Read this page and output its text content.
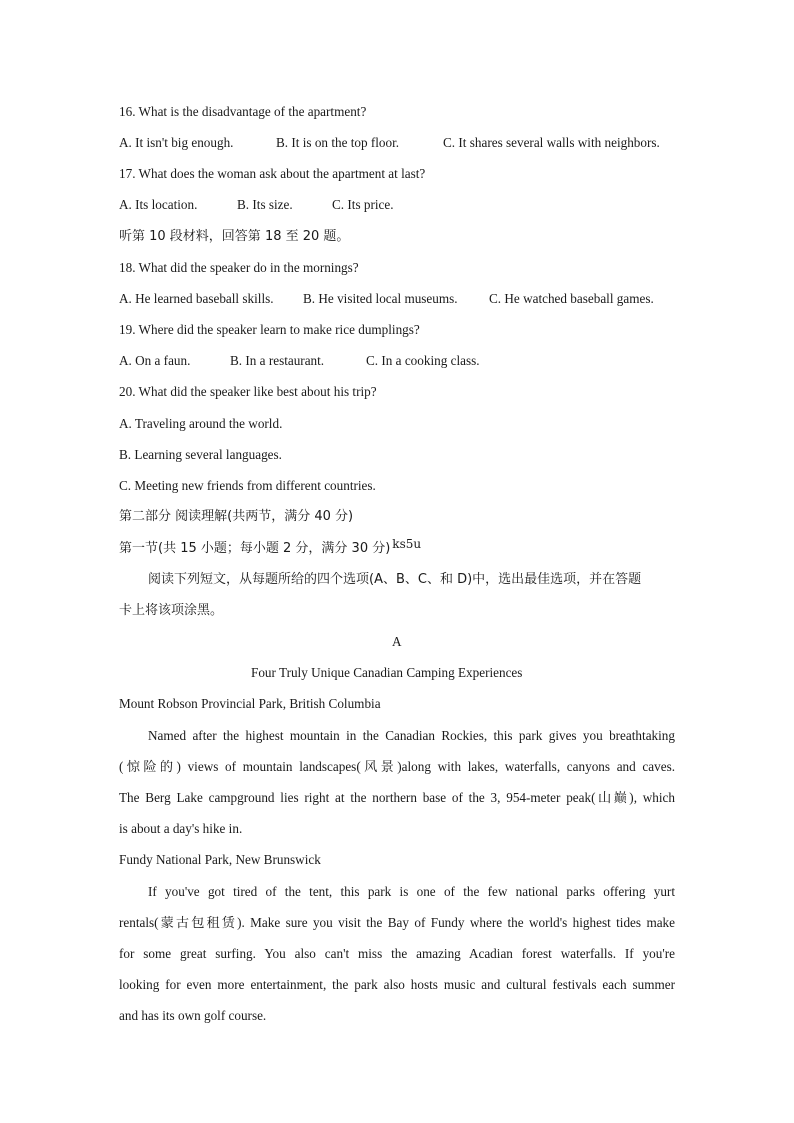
16. What is the disadvantage of the apartment?
A. It isn't big enough.	B. It is on the top floor.	C. It shares several walls with neighbors.
17. What does the woman ask about the apartment at last?
A. Its location.	B. Its size.	C. Its price.
听第 10 段材料，回答第 18 至 20 题。
18. What did the speaker do in the mornings?
A. He learned baseball skills. B. He visited local museums. C. He watched baseball games.
19. Where did the speaker learn to make rice dumplings?
A. On a faun.	B. In a restaurant.	C. In a cooking class.
20. What did the speaker like best about his trip?
A. Traveling around the world.
B. Learning several languages.
C. Meeting new friends from different countries.
第二部分 阅读理解(共两节，满分 40 分)
第一节(共 15 小题；每小题 2 分，满分 30 分) ks5u
阅读下列短文，从每题所给的四个选项(A、B、C、和 D)中，选出最佳选项，并在答题
卡上将该项涂黑。
A
Four Truly Unique Canadian Camping Experiences
Mount Robson Provincial Park, British Columbia
Named after the highest mountain in the Canadian Rockies, this park gives you breathtaking
(惊险的) views of mountain landscapes(风景)along with lakes, waterfalls, canyons and caves.
The Berg Lake campground lies right at the northern base of the 3, 954-meter peak(山巅), which
is about a day's hike in.
Fundy National Park, New Brunswick
If you've got tired of the tent, this park is one of the few national parks offering yurt
rentals(蒙古包租赁). Make sure you visit the Bay of Fundy where the world's highest tides make
for some great surfing. You also can't miss the amazing Acadian forest waterfalls. If you're
looking for even more entertainment, the park also hosts music and cultural festivals each summer
and has its own golf course.
